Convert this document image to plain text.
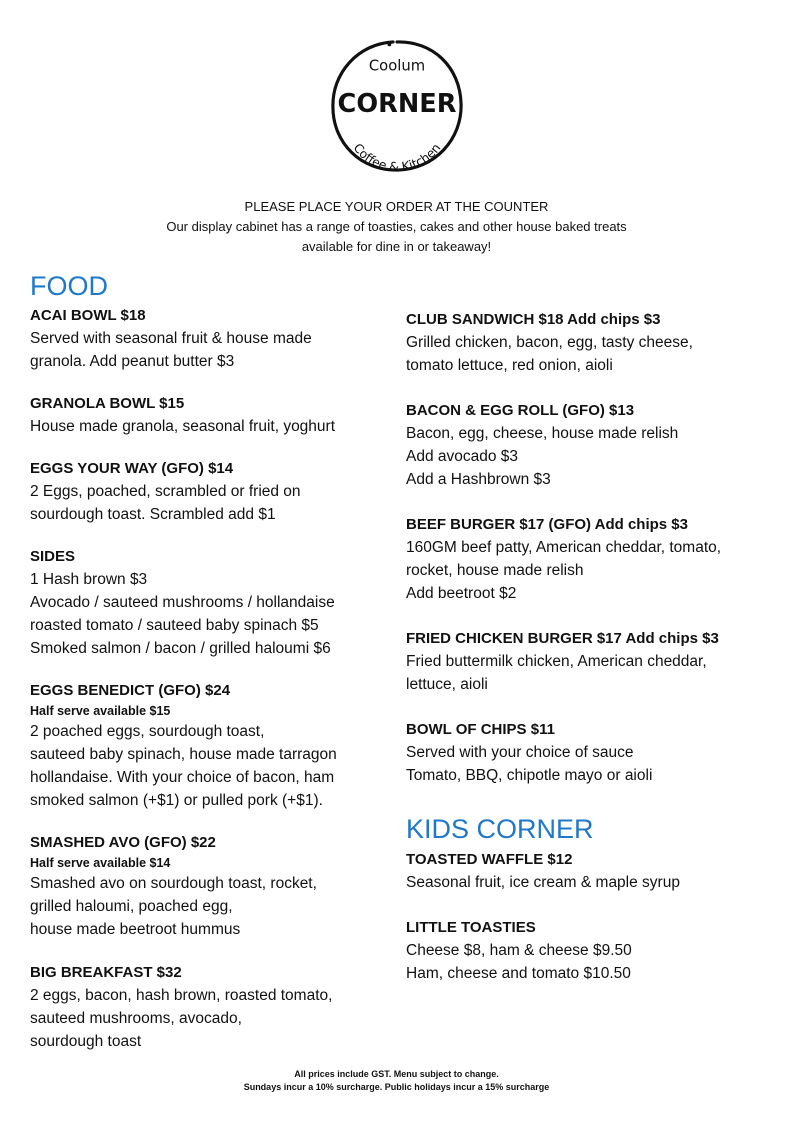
Coolum
CORNER
Coffee & Kitchen
PLEASE PLACE YOUR ORDER AT THE COUNTER
Our display cabinet has a range of toasties, cakes and other house baked treats
available for dine in or takeaway!
FOOD
ACAI BOWL $18
Served with seasonal fruit & house made
granola. Add peanut butter $3
GRANOLA BOWL $15
House made granola, seasonal fruit, yoghurt
EGGS YOUR WAY (GFO) $14
2 Eggs, poached, scrambled or fried on
sourdough toast. Scrambled add $1
SIDES
1 Hash brown $3
Avocado / sauteed mushrooms / hollandaise
roasted tomato / sauteed baby spinach $5
Smoked salmon / bacon / grilled haloumi $6
EGGS BENEDICT (GFO) $24
Half serve available $15
2 poached eggs, sourdough toast,
sauteed baby spinach, house made tarragon
hollandaise. With your choice of bacon, ham
smoked salmon (+$1) or pulled pork (+$1).
SMASHED AVO (GFO) $22
Half serve available $14
Smashed avo on sourdough toast, rocket,
grilled haloumi, poached egg,
house made beetroot hummus
BIG BREAKFAST $32
2 eggs, bacon, hash brown, roasted tomato,
sauteed mushrooms, avocado,
sourdough toast
CLUB SANDWICH $18 Add chips $3
Grilled chicken, bacon, egg, tasty cheese,
tomato lettuce, red onion, aioli
BACON & EGG ROLL (GFO) $13
Bacon, egg, cheese, house made relish
Add avocado $3
Add a Hashbrown $3
BEEF BURGER $17 (GFO) Add chips $3
160GM beef patty, American cheddar, tomato,
rocket, house made relish
Add beetroot $2
FRIED CHICKEN BURGER $17 Add chips $3
Fried buttermilk chicken, American cheddar,
lettuce, aioli
BOWL OF CHIPS $11
Served with your choice of sauce
Tomato, BBQ, chipotle mayo or aioli
KIDS CORNER
TOASTED WAFFLE $12
Seasonal fruit, ice cream & maple syrup
LITTLE TOASTIES
Cheese $8, ham & cheese $9.50
Ham, cheese and tomato $10.50
All prices include GST. Menu subject to change.
Sundays incur a 10% surcharge. Public holidays incur a 15% surcharge
